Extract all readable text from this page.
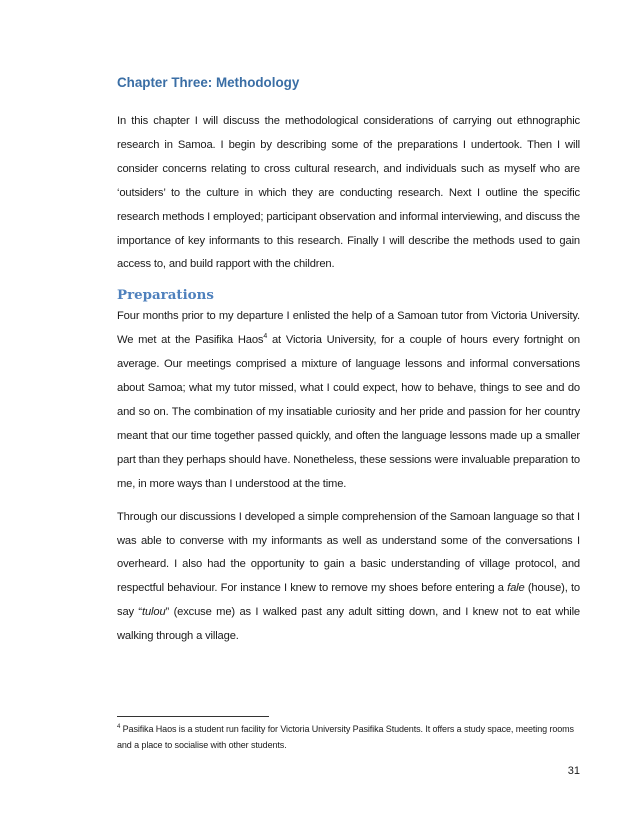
Chapter Three: Methodology

In this chapter I will discuss the methodological considerations of carrying out ethnographic research in Samoa. I begin by describing some of the preparations I undertook. Then I will consider concerns relating to cross cultural research, and individuals such as myself who are ‘outsiders’ to the culture in which they are conducting research. Next I outline the specific research methods I employed; participant observation and informal interviewing, and discuss the importance of key informants to this research. Finally I will describe the methods used to gain access to, and build rapport with the children.

Preparations

Four months prior to my departure I enlisted the help of a Samoan tutor from Victoria University. We met at the Pasifika Haos$^4$ at Victoria University, for a couple of hours every fortnight on average. Our meetings comprised a mixture of language lessons and informal conversations about Samoa; what my tutor missed, what I could expect, how to behave, things to see and do and so on. The combination of my insatiable curiosity and her pride and passion for her country meant that our time together passed quickly, and often the language lessons made up a smaller part than they perhaps should have. Nonetheless, these sessions were invaluable preparation to me, in more ways than I understood at the time.

Through our discussions I developed a simple comprehension of the Samoan language so that I was able to converse with my informants as well as understand some of the conversations I overheard. I also had the opportunity to gain a basic understanding of village protocol, and respectful behaviour. For instance I knew to remove my shoes before entering a fale (house), to say “tulou” (excuse me) as I walked past any adult sitting down, and I knew not to eat while walking through a village.

$^4$ Pasifika Haos is a student run facility for Victoria University Pasifika Students. It offers a study space, meeting rooms and a place to socialise with other students.
31
